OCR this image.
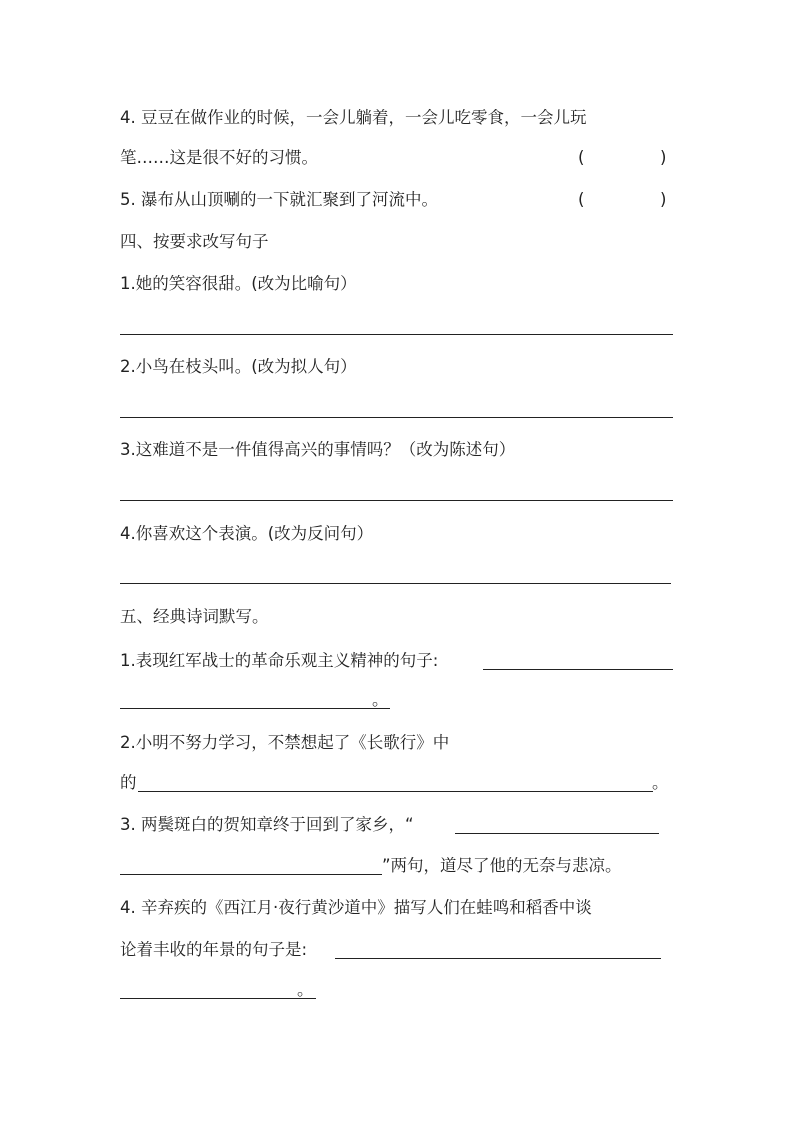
4. 豆豆在做作业的时候，一会儿躺着，一会儿吃零食，一会儿玩
笔……这是很不好的习惯。	(	)
5. 瀑布从山顶唰的一下就汇聚到了河流中。	(	)
四、按要求改写句子
1.她的笑容很甜。(改为比喻句）
2.小鸟在枝头叫。(改为拟人句）
3.这难道不是一件值得高兴的事情吗？（改为陈述句）
4.你喜欢这个表演。(改为反问句）
五、经典诗词默写。
1.表现红军战士的革命乐观主义精神的句子:
。
2.小明不努力学习，不禁想起了《长歌行》中
的	。
3. 两鬓斑白的贺知章终于回到了家乡，“
”两句，道尽了他的无奈与悲凉。
4. 辛弃疾的《西江月·夜行黄沙道中》描写人们在蛙鸣和稻香中谈
论着丰收的年景的句子是:
。
